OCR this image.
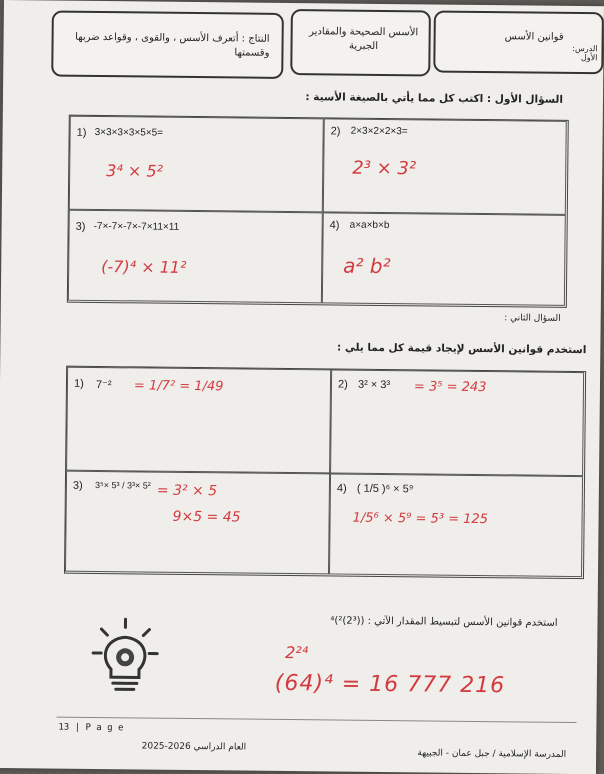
قوانين الأسس
الدرس: الأول
الأسس الصحيحة والمقادير الجبرية
النتاج : أتعرف الأسس ، والقوى ، وقواعد ضربها وقسمتها
السؤال الأول : اكتب كل مما يأتي بالصيغة الأسية :
1) 3×3×3×3×5×5=
3⁴ × 5²
2) 2×3×2×2×3=
2³ × 3²
3) -7×-7×-7×-7×11×11
(-7)⁴ × 11²
4) a×a×b×b
a² b²
السؤال الثاني :
استخدم قوانين الأسس لإيجاد قيمة كل مما يلي :
1) 7⁻² = 1/7² = 1/49	2) 3² × 3³ = 3⁵ = 243
3) 3⁵× 5³ / 3³× 5² = 3² × 5
9×5 = 45
4) ( 1/5 )⁶ × 5⁹
1/5⁶ × 5⁹ = 5³ = 125
استخدم قوانين الأسس لتبسيط المقدار الآتي : ((2³)²)⁴
2²⁴
(64)⁴ = 16 777 216
13 | P a g e
العام الدراسي 2026-2025
المدرسة الإسلامية / جبل عمان - الجبيهة
